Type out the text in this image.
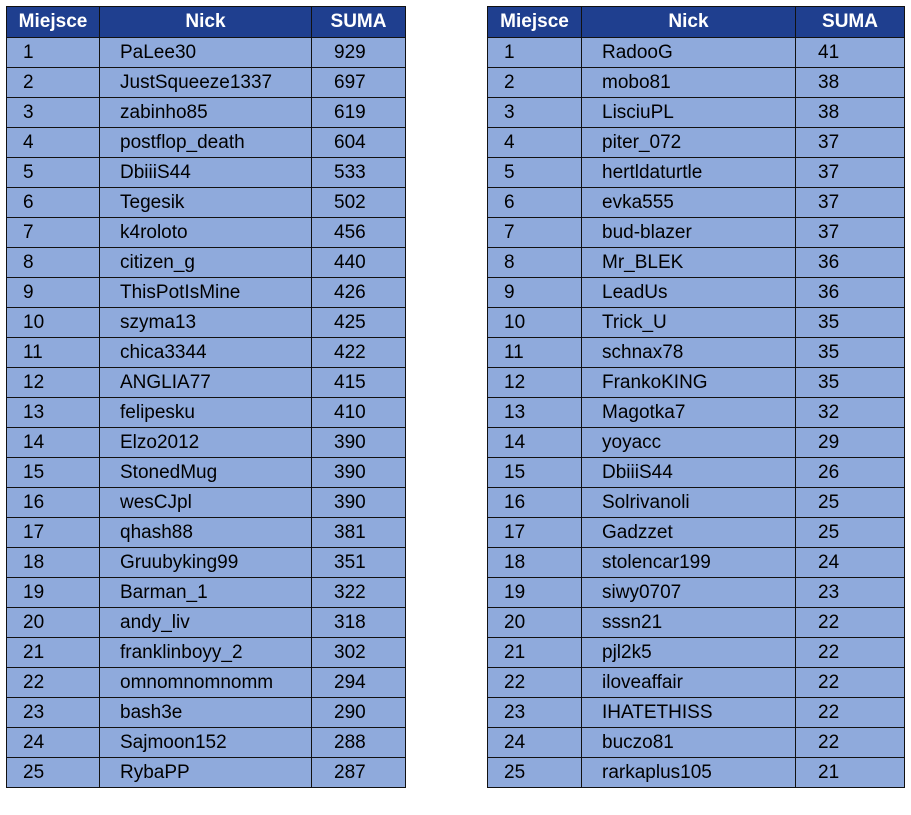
Miejsce	Nick	SUMA
1	PaLee30	929
2	JustSqueeze1337	697
3	zabinho85	619
4	postflop_death	604
5	DbiiiS44	533
6	Tegesik	502
7	k4roloto	456
8	citizen_g	440
9	ThisPotIsMine	426
10	szyma13	425
11	chica3344	422
12	ANGLIA77	415
13	felipesku	410
14	Elzo2012	390
15	StonedMug	390
16	wesCJpl	390
17	qhash88	381
18	Gruubyking99	351
19	Barman_1	322
20	andy_liv	318
21	franklinboyy_2	302
22	omnomnomnomm	294
23	bash3e	290
24	Sajmoon152	288
25	RybaPP	287
Miejsce	Nick	SUMA
1	RadooG	41
2	mobo81	38
3	LisciuPL	38
4	piter_072	37
5	hertldaturtle	37
6	evka555	37
7	bud-blazer	37
8	Mr_BLEK	36
9	LeadUs	36
10	Trick_U	35
11	schnax78	35
12	FrankoKING	35
13	Magotka7	32
14	yoyacc	29
15	DbiiiS44	26
16	Solrivanoli	25
17	Gadzzet	25
18	stolencar199	24
19	siwy0707	23
20	sssn21	22
21	pjl2k5	22
22	iloveaffair	22
23	IHATETHISS	22
24	buczo81	22
25	rarkaplus105	21
